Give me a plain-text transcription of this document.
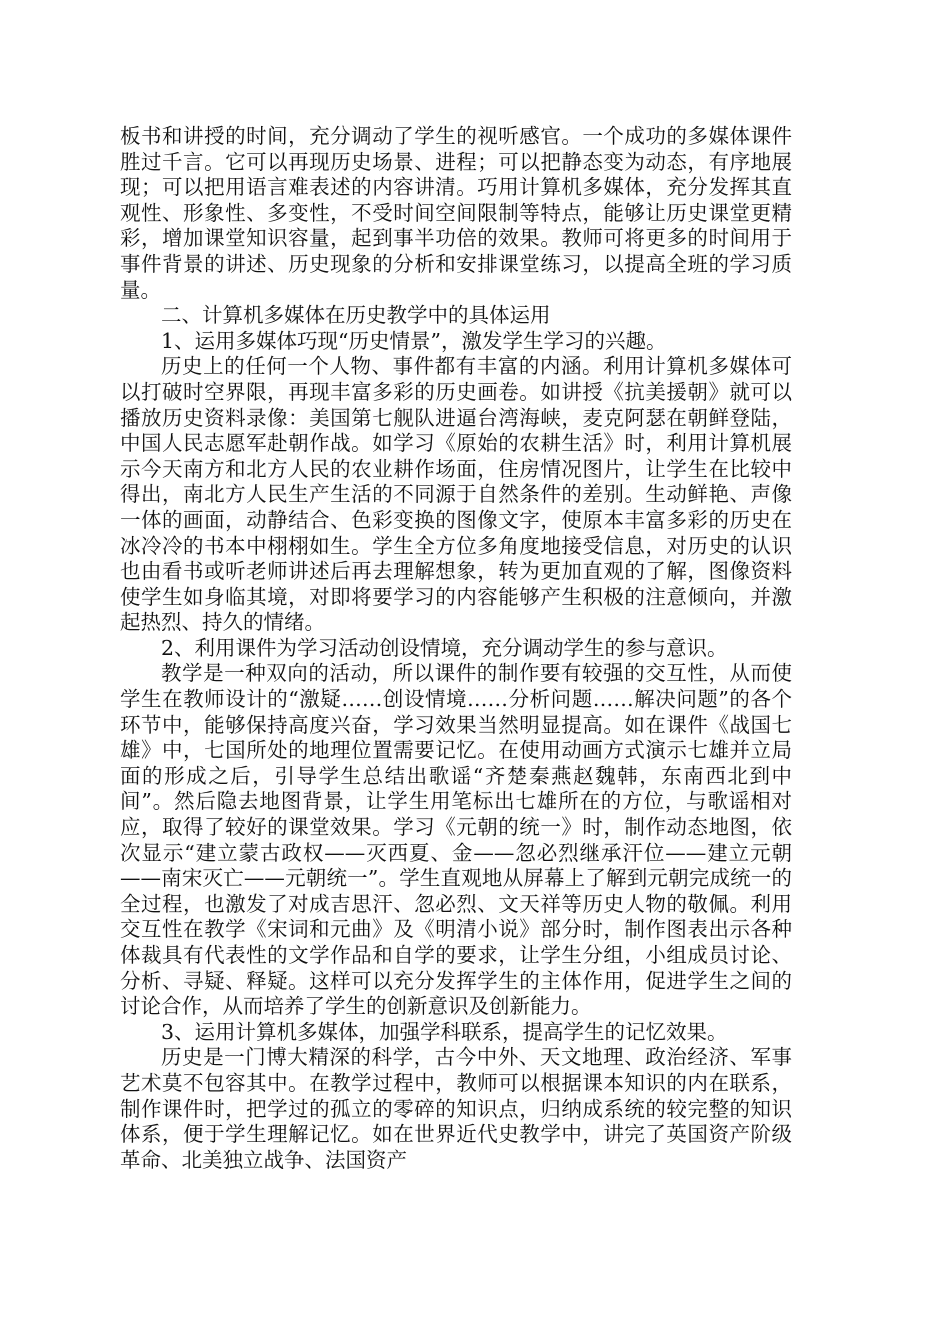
板书和讲授的时间，充分调动了学生的视听感官。一个成功的多媒体课件胜过千言。它可以再现历史场景、进程；可以把静态变为动态，有序地展现；可以把用语言难表述的内容讲清。巧用计算机多媒体，充分发挥其直观性、形象性、多变性，不受时间空间限制等特点，能够让历史课堂更精彩，增加课堂知识容量，起到事半功倍的效果。教师可将更多的时间用于事件背景的讲述、历史现象的分析和安排课堂练习，以提高全班的学习质量。

二、计算机多媒体在历史教学中的具体运用

1、运用多媒体巧现“历史情景”，激发学生学习的兴趣。

历史上的任何一个人物、事件都有丰富的内涵。利用计算机多媒体可以打破时空界限，再现丰富多彩的历史画卷。如讲授《抗美援朝》就可以播放历史资料录像：美国第七舰队进逼台湾海峡，麦克阿瑟在朝鲜登陆，中国人民志愿军赴朝作战。如学习《原始的农耕生活》时，利用计算机展示今天南方和北方人民的农业耕作场面，住房情况图片，让学生在比较中得出，南北方人民生产生活的不同源于自然条件的差别。生动鲜艳、声像一体的画面，动静结合、色彩变换的图像文字，使原本丰富多彩的历史在冰冷冷的书本中栩栩如生。学生全方位多角度地接受信息，对历史的认识也由看书或听老师讲述后再去理解想象，转为更加直观的了解，图像资料使学生如身临其境，对即将要学习的内容能够产生积极的注意倾向，并激起热烈、持久的情绪。

2、利用课件为学习活动创设情境，充分调动学生的参与意识。

教学是一种双向的活动，所以课件的制作要有较强的交互性，从而使学生在教师设计的“激疑……创设情境……分析问题……解决问题”的各个环节中，能够保持高度兴奋，学习效果当然明显提高。如在课件《战国七雄》中，七国所处的地理位置需要记忆。在使用动画方式演示七雄并立局面的形成之后，引导学生总结出歌谣“齐楚秦燕赵魏韩，东南西北到中间”。然后隐去地图背景，让学生用笔标出七雄所在的方位，与歌谣相对应，取得了较好的课堂效果。学习《元朝的统一》时，制作动态地图，依次显示“建立蒙古政权——灭西夏、金——忽必烈继承汗位——建立元朝——南宋灭亡——元朝统一”。学生直观地从屏幕上了解到元朝完成统一的全过程，也激发了对成吉思汗、忽必烈、文天祥等历史人物的敬佩。利用交互性在教学《宋词和元曲》及《明清小说》部分时，制作图表出示各种体裁具有代表性的文学作品和自学的要求，让学生分组，小组成员讨论、分析、寻疑、释疑。这样可以充分发挥学生的主体作用，促进学生之间的讨论合作，从而培养了学生的创新意识及创新能力。

3、运用计算机多媒体，加强学科联系，提高学生的记忆效果。

历史是一门博大精深的科学，古今中外、天文地理、政治经济、军事艺术莫不包容其中。在教学过程中，教师可以根据课本知识的内在联系，制作课件时，把学过的孤立的零碎的知识点，归纳成系统的较完整的知识体系，便于学生理解记忆。如在世界近代史教学中，讲完了英国资产阶级革命、北美独立战争、法国资产
